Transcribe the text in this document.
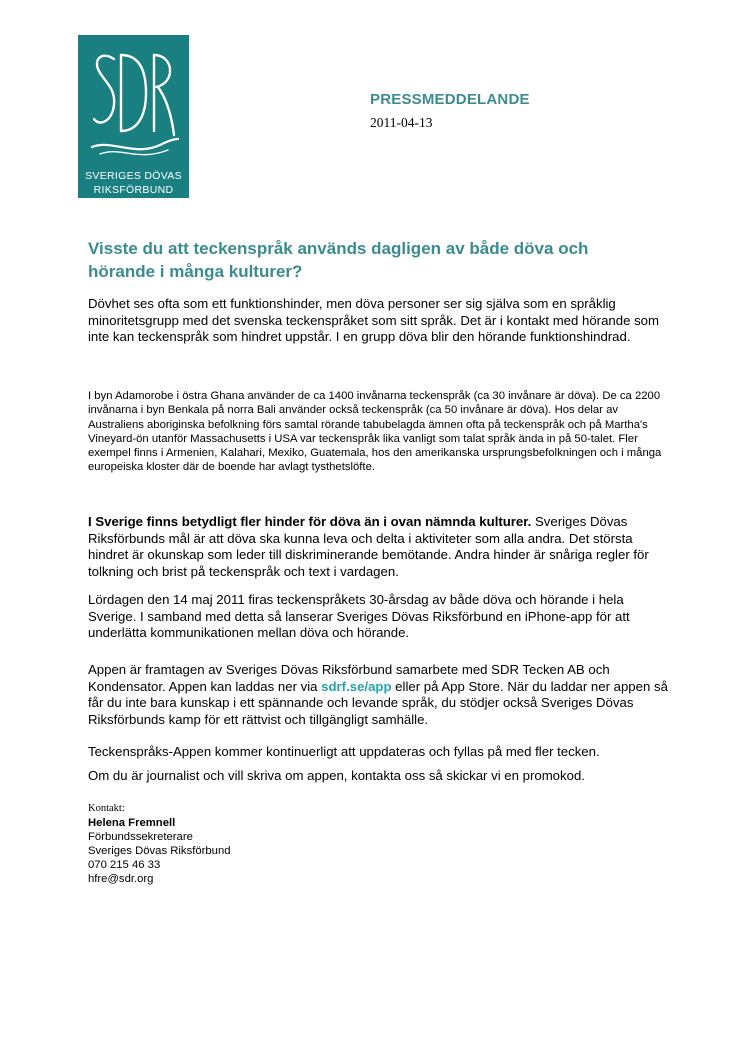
SVERIGES DÖVAS
RIKSFÖRBUND
PRESSMEDDELANDE
2011-04-13
Visste du att teckenspråk används dagligen av både döva och hörande i många kulturer?

Dövhet ses ofta som ett funktionshinder, men döva personer ser sig själva som en språklig minoritetsgrupp med det svenska teckenspråket som sitt språk. Det är i kontakt med hörande som inte kan teckenspråk som hindret uppstår. I en grupp döva blir den hörande funktionshindrad.

I byn Adamorobe i östra Ghana använder de ca 1400 invånarna teckenspråk (ca 30 invånare är döva). De ca 2200 invånarna i byn Benkala på norra Bali använder också teckenspråk (ca 50 invånare är döva). Hos delar av Australiens aboriginska befolkning förs samtal rörande tabubelagda ämnen ofta på teckenspråk och på Martha's Vineyard-ön utanför Massachusetts i USA var teckenspråk lika vanligt som talat språk ända in på 50-talet. Fler exempel finns i Armenien, Kalahari, Mexiko, Guatemala, hos den amerikanska ursprungsbefolkningen och i många europeiska kloster där de boende har avlagt tysthetslöfte.

I Sverige finns betydligt fler hinder för döva än i ovan nämnda kulturer. Sveriges Dövas Riksförbunds mål är att döva ska kunna leva och delta i aktiviteter som alla andra. Det största hindret är okunskap som leder till diskriminerande bemötande. Andra hinder är snåriga regler för tolkning och brist på teckenspråk och text i vardagen.

Lördagen den 14 maj 2011 firas teckenspråkets 30-årsdag av både döva och hörande i hela Sverige. I samband med detta så lanserar Sveriges Dövas Riksförbund en iPhone-app för att underlätta kommunikationen mellan döva och hörande.

Appen är framtagen av Sveriges Dövas Riksförbund samarbete med SDR Tecken AB och Kondensator. Appen kan laddas ner via sdrf.se/app eller på App Store. När du laddar ner appen så får du inte bara kunskap i ett spännande och levande språk, du stödjer också Sveriges Dövas Riksförbunds kamp för ett rättvist och tillgängligt samhälle.

Teckenspråks-Appen kommer kontinuerligt att uppdateras och fyllas på med fler tecken.

Om du är journalist och vill skriva om appen, kontakta oss så skickar vi en promokod.

Kontakt:
Helena Fremnell
Förbundssekreterare
Sveriges Dövas Riksförbund
070 215 46 33
hfre@sdr.org
